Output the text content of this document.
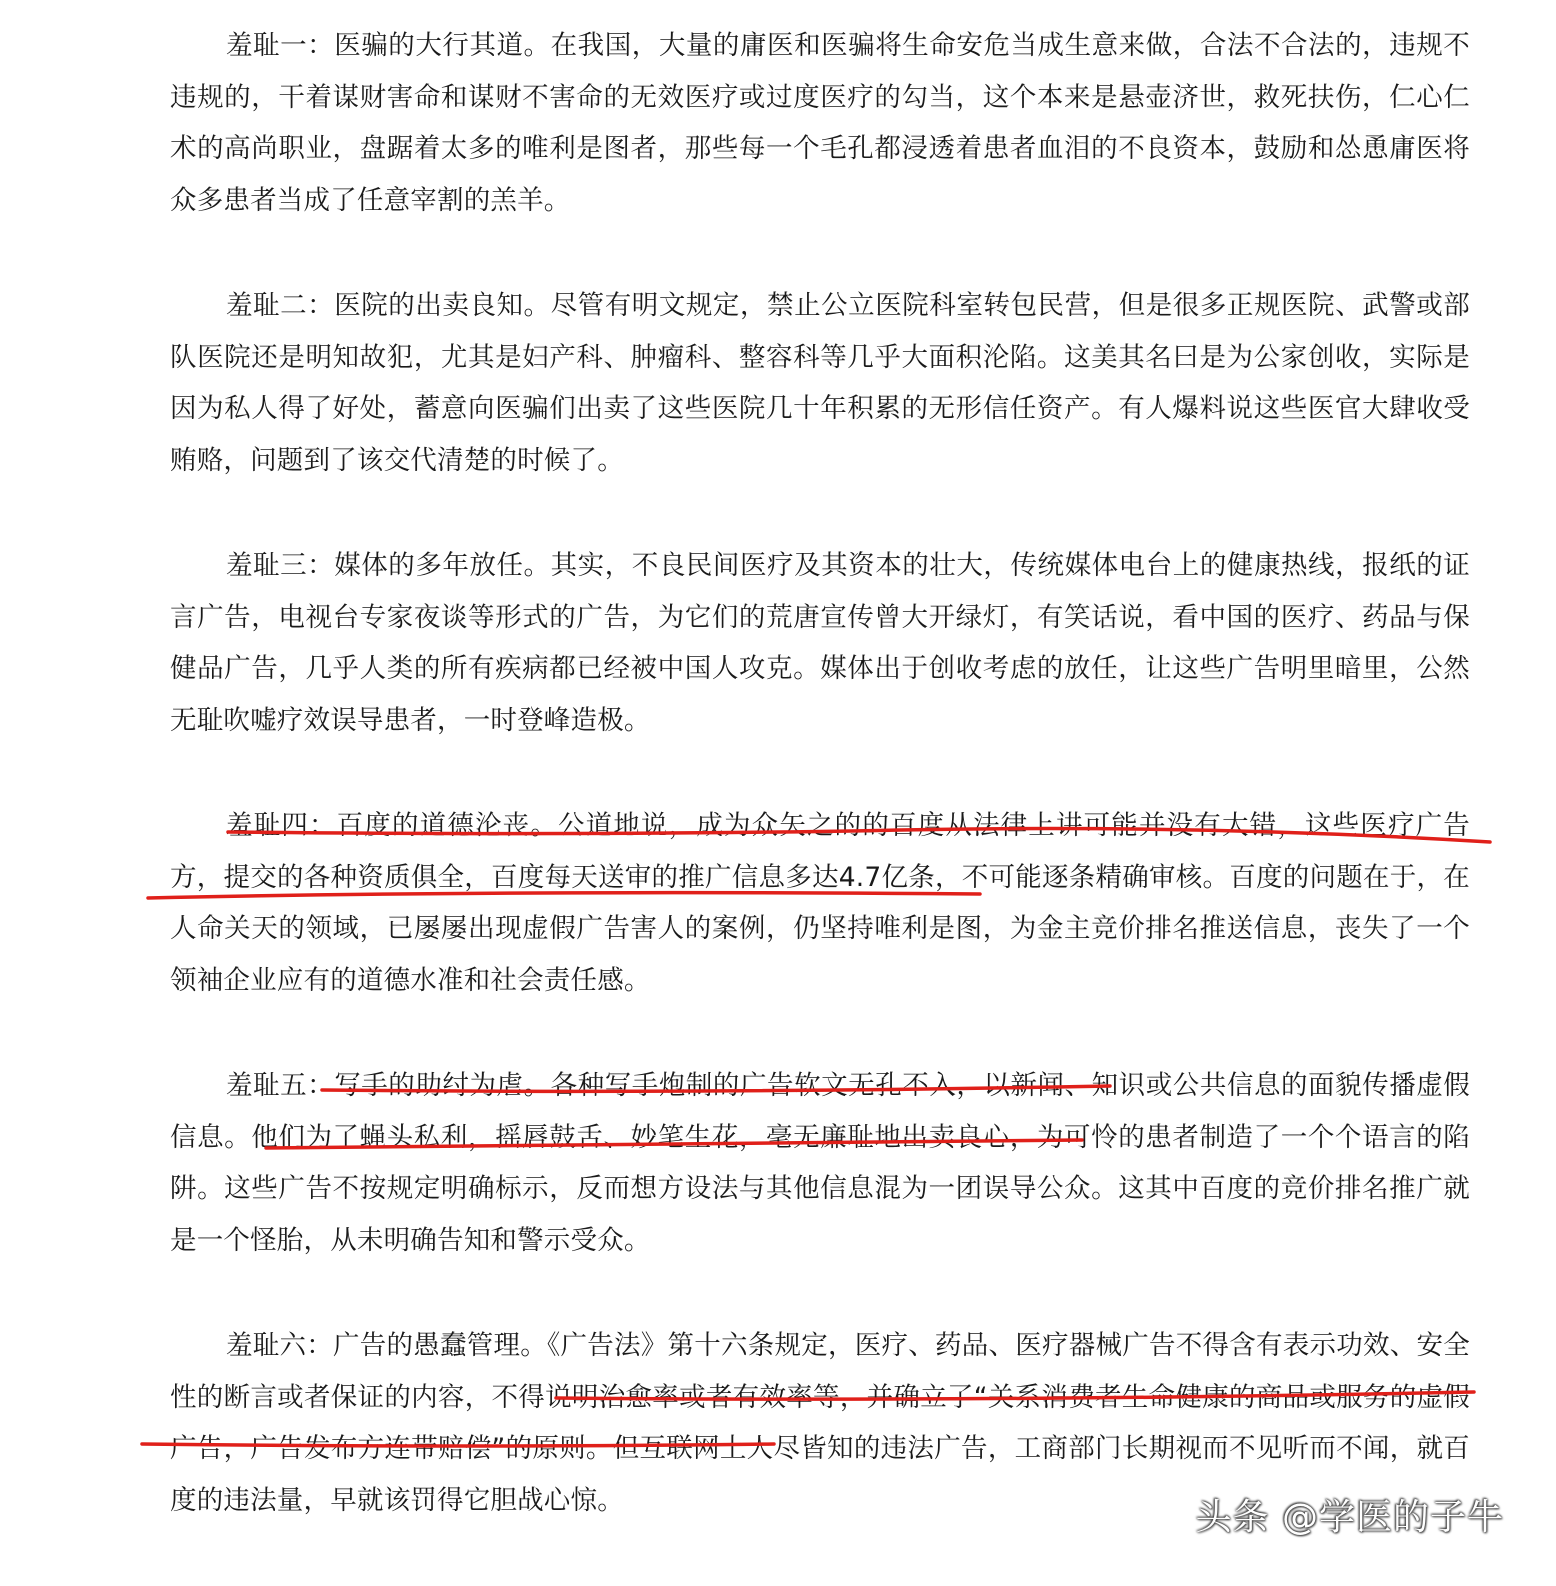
羞耻一：医骗的大行其道。在我国，大量的庸医和医骗将生命安危当成生意来做，合法不合法的，违规不违规的，干着谋财害命和谋财不害命的无效医疗或过度医疗的勾当，这个本来是悬壶济世，救死扶伤，仁心仁术的高尚职业，盘踞着太多的唯利是图者，那些每一个毛孔都浸透着患者血泪的不良资本，鼓励和怂恿庸医将众多患者当成了任意宰割的羔羊。

羞耻二：医院的出卖良知。尽管有明文规定，禁止公立医院科室转包民营，但是很多正规医院、武警或部队医院还是明知故犯，尤其是妇产科、肿瘤科、整容科等几乎大面积沦陷。这美其名曰是为公家创收，实际是因为私人得了好处，蓄意向医骗们出卖了这些医院几十年积累的无形信任资产。有人爆料说这些医官大肆收受贿赂，问题到了该交代清楚的时候了。

羞耻三：媒体的多年放任。其实，不良民间医疗及其资本的壮大，传统媒体电台上的健康热线，报纸的证言广告，电视台专家夜谈等形式的广告，为它们的荒唐宣传曾大开绿灯，有笑话说，看中国的医疗、药品与保健品广告，几乎人类的所有疾病都已经被中国人攻克。媒体出于创收考虑的放任，让这些广告明里暗里，公然无耻吹嘘疗效误导患者，一时登峰造极。

羞耻四：百度的道德沦丧。公道地说，成为众矢之的的百度从法律上讲可能并没有大错，这些医疗广告方，提交的各种资质俱全，百度每天送审的推广信息多达4.7亿条，不可能逐条精确审核。百度的问题在于，在人命关天的领域，已屡屡出现虚假广告害人的案例，仍坚持唯利是图，为金主竞价排名推送信息，丧失了一个领袖企业应有的道德水准和社会责任感。

羞耻五：写手的助纣为虐。各种写手炮制的广告软文无孔不入，以新闻、知识或公共信息的面貌传播虚假信息。他们为了蝇头私利，摇唇鼓舌、妙笔生花，毫无廉耻地出卖良心，为可怜的患者制造了一个个语言的陷阱。这些广告不按规定明确标示，反而想方设法与其他信息混为一团误导公众。这其中百度的竞价排名推广就是一个怪胎，从未明确告知和警示受众。

羞耻六：广告的愚蠢管理。《广告法》第十六条规定，医疗、药品、医疗器械广告不得含有表示功效、安全性的断言或者保证的内容，不得说明治愈率或者有效率等，并确立了“关系消费者生命健康的商品或服务的虚假广告，广告发布方连带赔偿”的原则。但互联网上人尽皆知的违法广告，工商部门长期视而不见听而不闻，就百度的违法量，早就该罚得它胆战心惊。	头条 @学医的子牛
